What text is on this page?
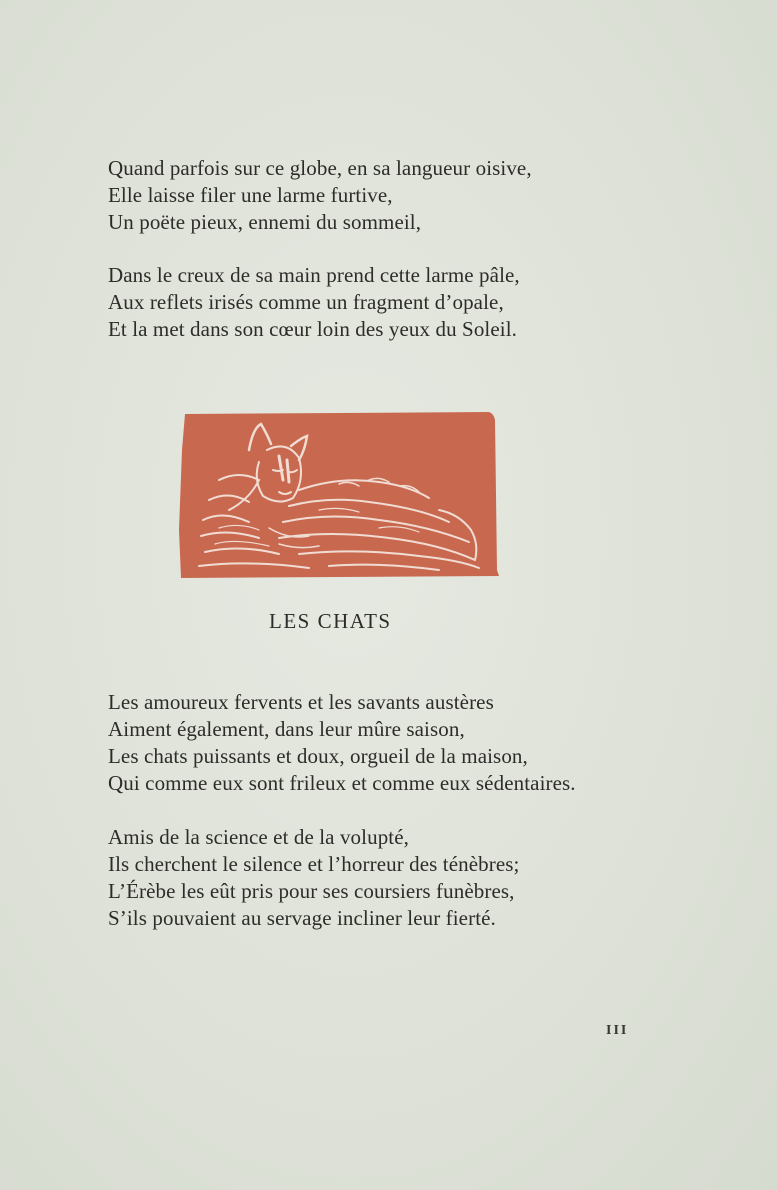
Quand parfois sur ce globe, en sa langueur oisive,
Elle laisse filer une larme furtive,
Un poëte pieux, ennemi du sommeil,
Dans le creux de sa main prend cette larme pâle,
Aux reflets irisés comme un fragment d’opale,
Et la met dans son cœur loin des yeux du Soleil.
LES CHATS
Les amoureux fervents et les savants austères
Aiment également, dans leur mûre saison,
Les chats puissants et doux, orgueil de la maison,
Qui comme eux sont frileux et comme eux sédentaires.
Amis de la science et de la volupté,
Ils cherchent le silence et l’horreur des ténèbres;
L’Érèbe les eût pris pour ses coursiers funèbres,
S’ils pouvaient au servage incliner leur fierté.
III
